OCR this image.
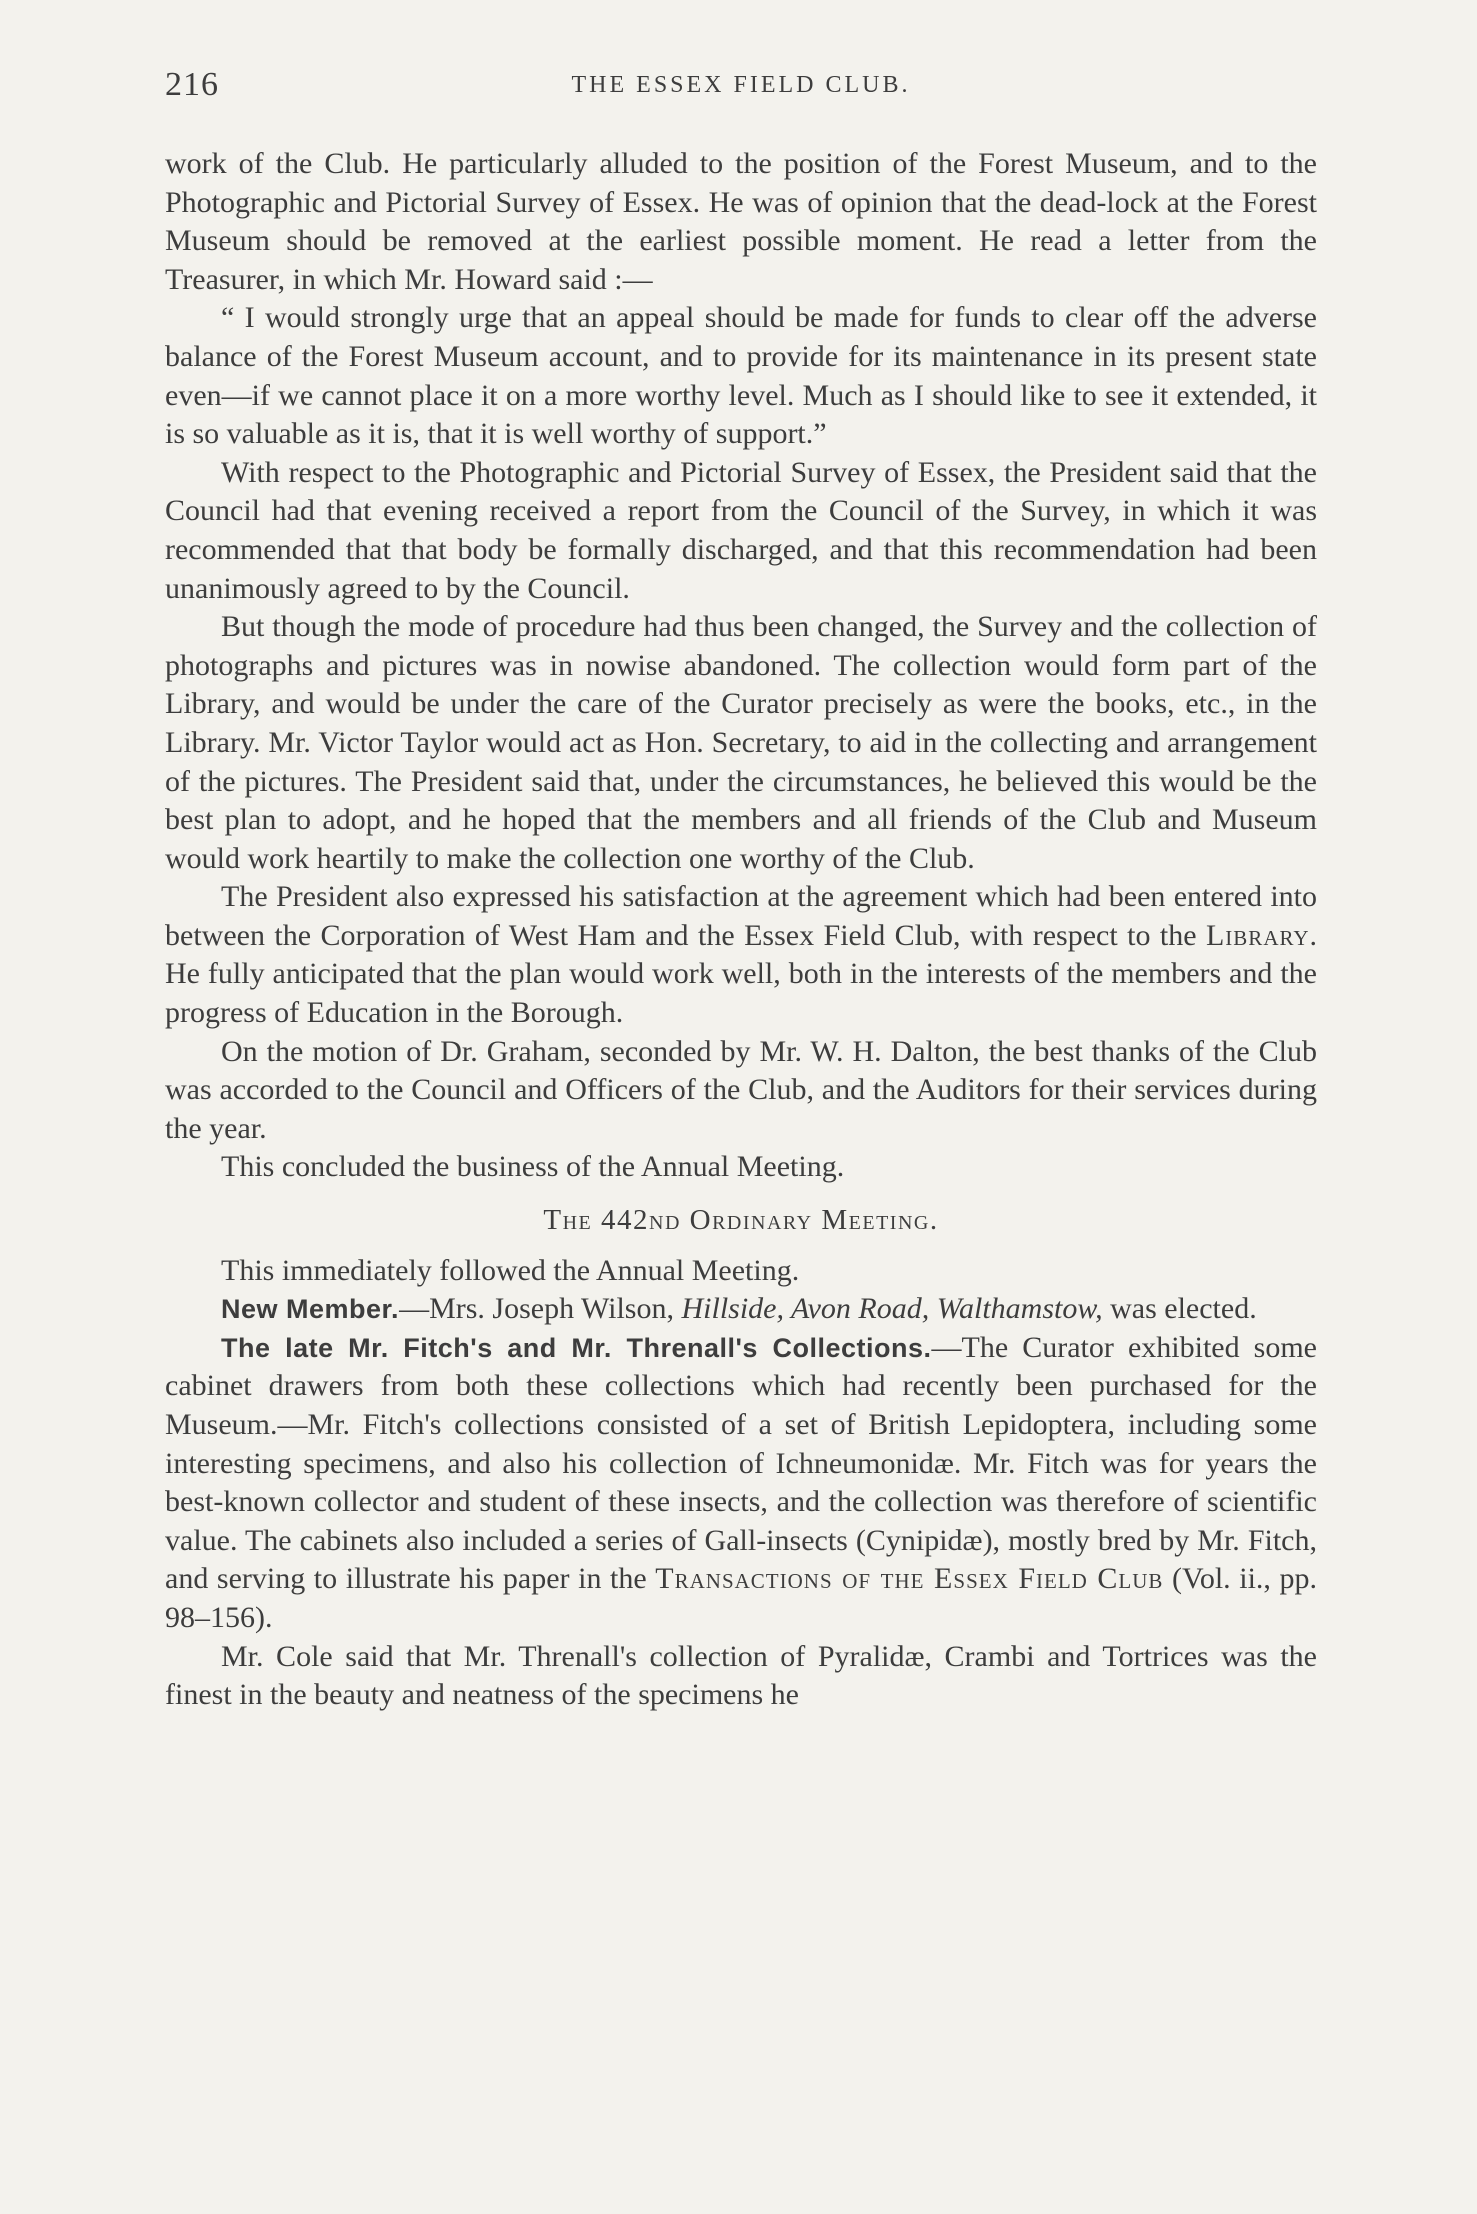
216	THE ESSEX FIELD CLUB.

work of the Club. He particularly alluded to the position of the Forest Museum, and to the Photographic and Pictorial Survey of Essex. He was of opinion that the dead-lock at the Forest Museum should be removed at the earliest possible moment. He read a letter from the Treasurer, in which Mr. Howard said :—

“ I would strongly urge that an appeal should be made for funds to clear off the adverse balance of the Forest Museum account, and to provide for its maintenance in its present state even—if we cannot place it on a more worthy level. Much as I should like to see it extended, it is so valuable as it is, that it is well worthy of support.”

With respect to the Photographic and Pictorial Survey of Essex, the President said that the Council had that evening received a report from the Council of the Survey, in which it was recommended that that body be formally discharged, and that this recommendation had been unanimously agreed to by the Council.

But though the mode of procedure had thus been changed, the Survey and the collection of photographs and pictures was in nowise abandoned. The collection would form part of the Library, and would be under the care of the Curator precisely as were the books, etc., in the Library. Mr. Victor Taylor would act as Hon. Secretary, to aid in the collecting and arrangement of the pictures. The President said that, under the circumstances, he believed this would be the best plan to adopt, and he hoped that the members and all friends of the Club and Museum would work heartily to make the collection one worthy of the Club.

The President also expressed his satisfaction at the agreement which had been entered into between the Corporation of West Ham and the Essex Field Club, with respect to the Library. He fully anticipated that the plan would work well, both in the interests of the members and the progress of Education in the Borough.

On the motion of Dr. Graham, seconded by Mr. W. H. Dalton, the best thanks of the Club was accorded to the Council and Officers of the Club, and the Auditors for their services during the year.

This concluded the business of the Annual Meeting.

The 442nd Ordinary Meeting.

This immediately followed the Annual Meeting.

New Member.—Mrs. Joseph Wilson, Hillside, Avon Road, Walthamstow, was elected.

The late Mr. Fitch's and Mr. Threnall's Collections.—The Curator exhibited some cabinet drawers from both these collections which had recently been purchased for the Museum.—Mr. Fitch's collections consisted of a set of British Lepidoptera, including some interesting specimens, and also his collection of Ichneumonidæ. Mr. Fitch was for years the best-known collector and student of these insects, and the collection was therefore of scientific value. The cabinets also included a series of Gall-insects (Cynipidæ), mostly bred by Mr. Fitch, and serving to illustrate his paper in the Transactions of the Essex Field Club (Vol. ii., pp. 98–156).

Mr. Cole said that Mr. Threnall's collection of Pyralidæ, Crambi and Tortrices was the finest in the beauty and neatness of the specimens he
